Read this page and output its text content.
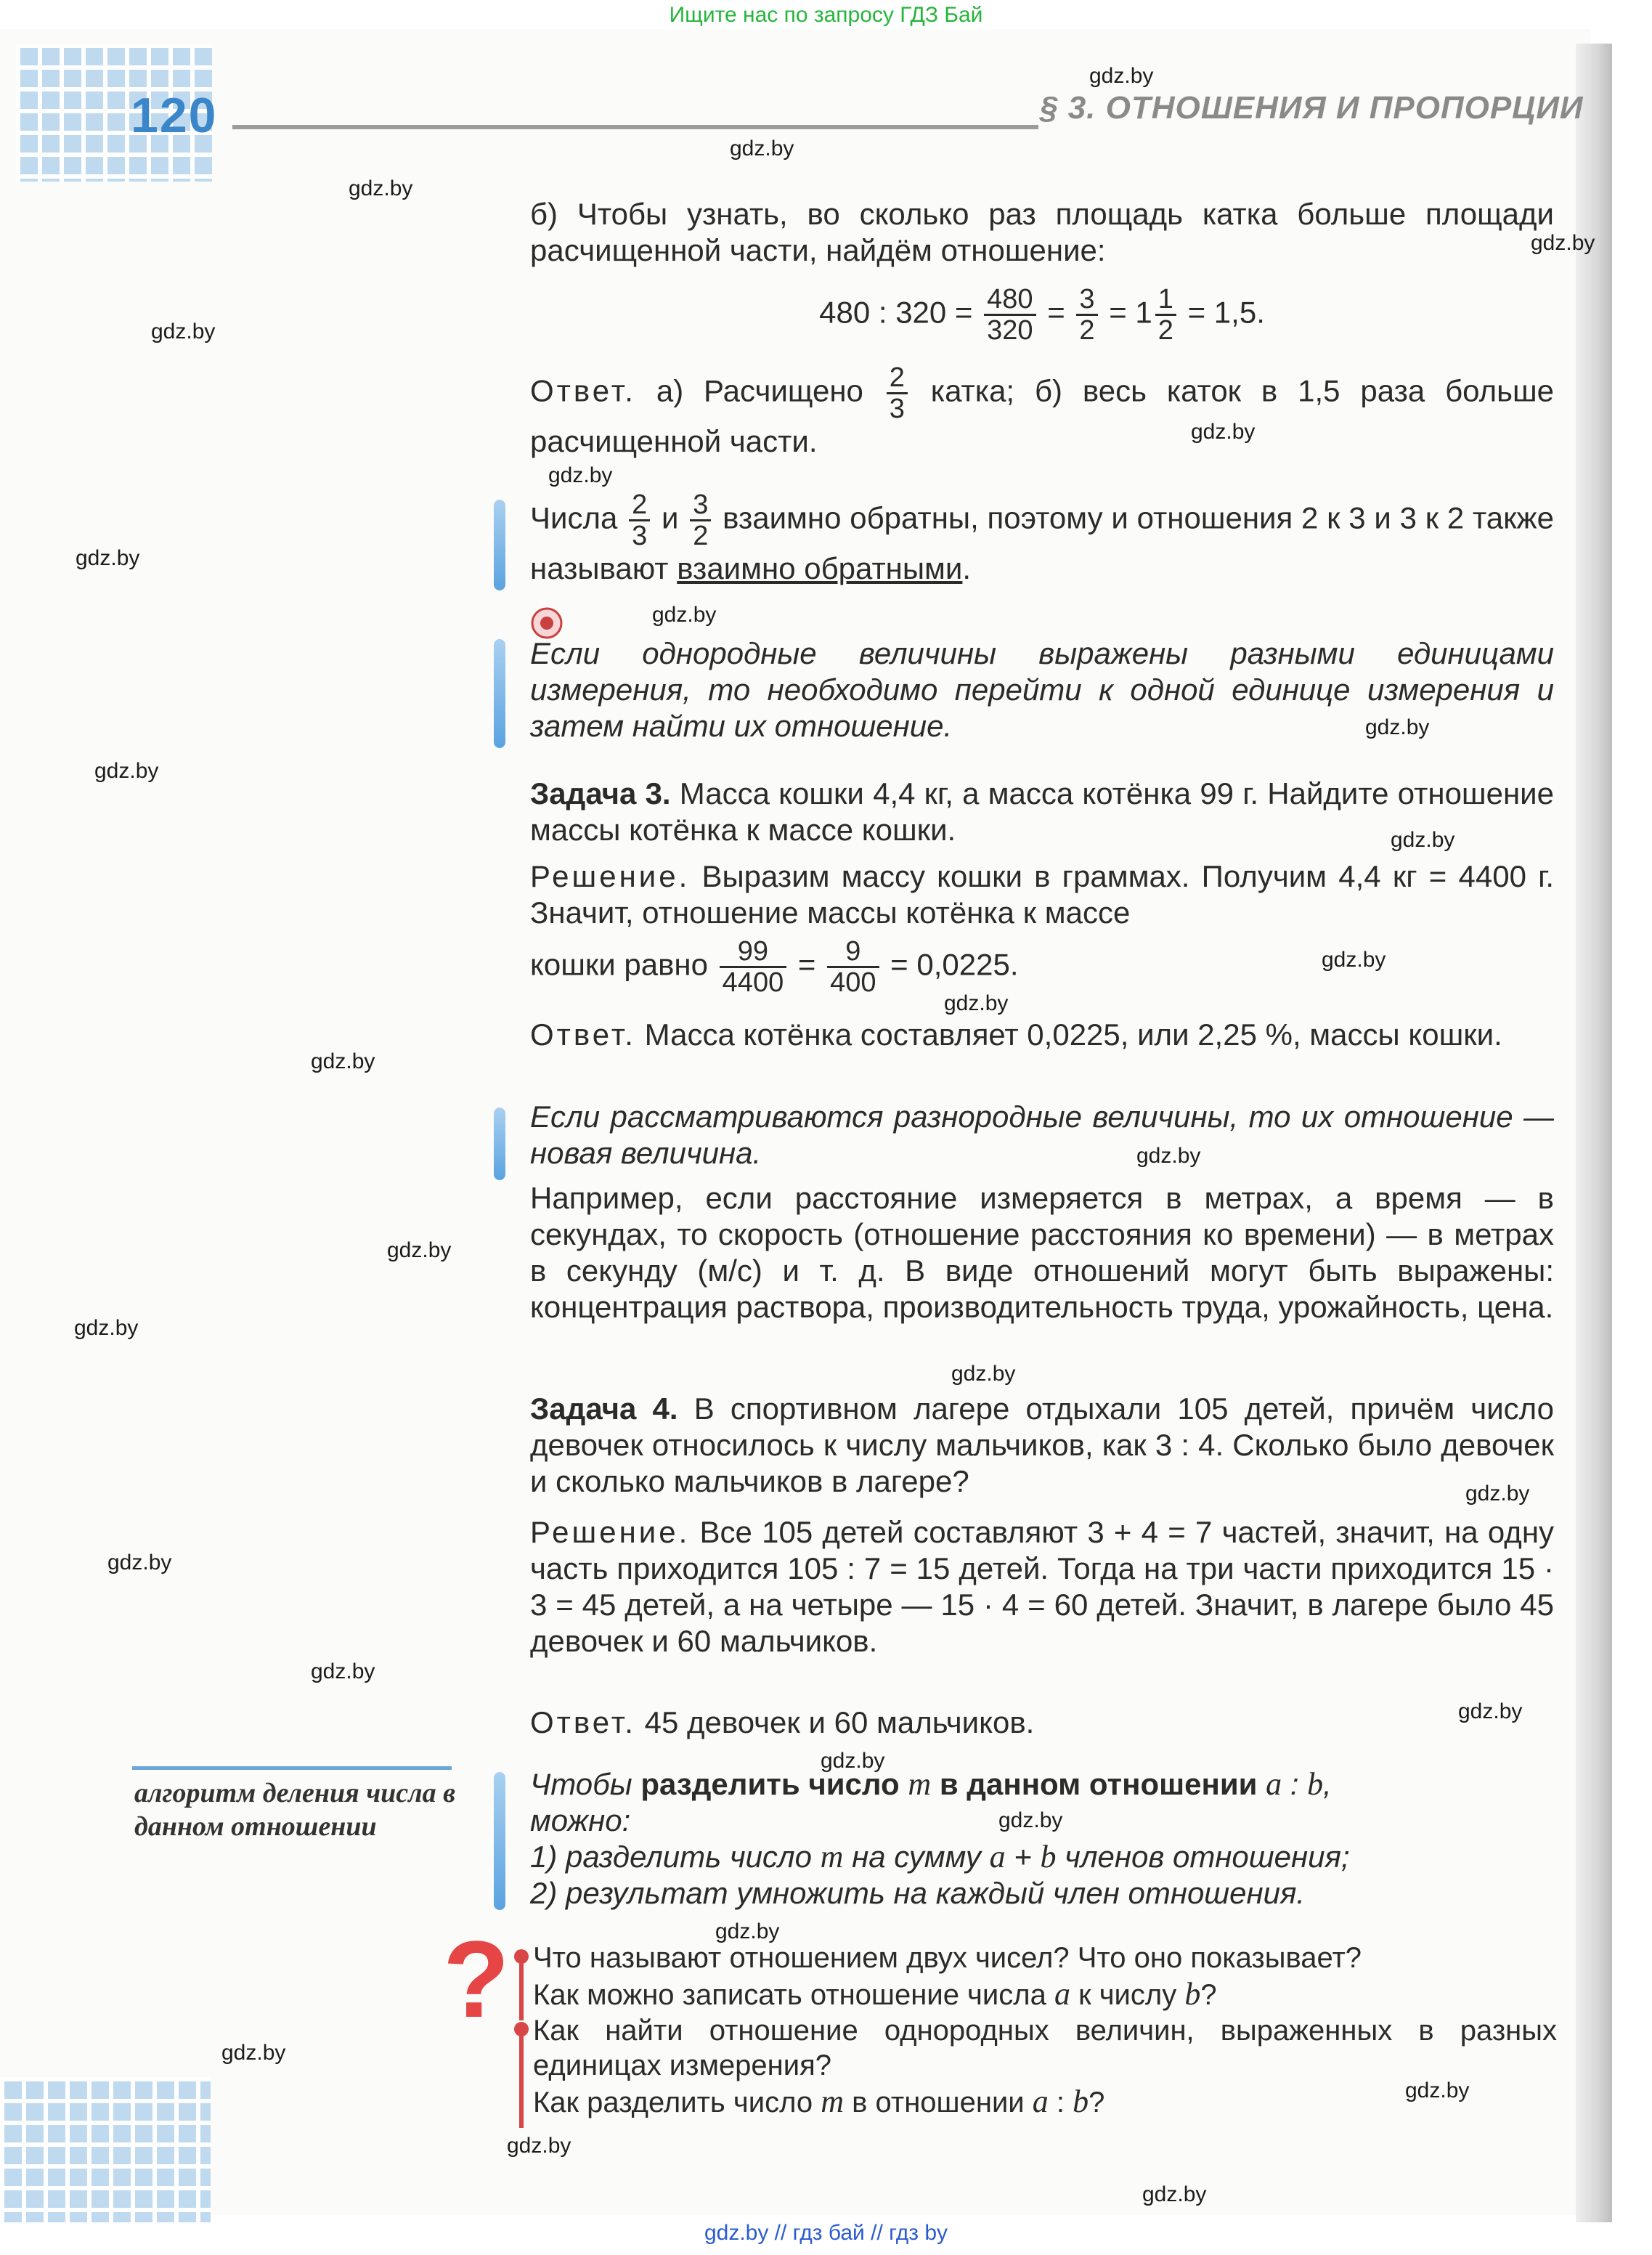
Ищите нас по запросу ГДЗ Бай
120	§ 3. ОТНОШЕНИЯ И ПРОПОРЦИИ
gdz.by
gdz.by
gdz.by
gdz.by
gdz.by
gdz.by
gdz.by
gdz.by
gdz.by
gdz.by
gdz.by
gdz.by
gdz.by
gdz.by
gdz.by
gdz.by
gdz.by
gdz.by
gdz.by
gdz.by
gdz.by
gdz.by
gdz.by
gdz.by
gdz.by
gdz.by
gdz.by
gdz.by
gdz.by
gdz.by
б) Чтобы узнать, во сколько раз площадь катка больше площади расчищенной части, найдём отношение:
480 : $320 = \frac{480}{320} = \frac{3}{2} = 1 \frac{1}{2} = 1,5$.
Ответ. а) Расчищено $\frac{2}{3}$ катка; б) весь каток в 1,5 раза больше расчищенной части.
Числа $\frac{2}{3}$ и $\frac{3}{2}$ взаимно обратны, поэтому и отношения 2 к 3 и 3 к 2 также называют взаимно обратными.
Если однородные величины выражены разными единицами измерения, то необходимо перейти к одной единице измерения и затем найти их отношение.
Задача 3. Масса кошки 4,4 кг, а масса котёнка 99 г. Найдите отношение массы котёнка к массе кошки.
Решение. Выразим массу кошки в граммах. Получим 4,4 кг = 4400 г. Значит, отношение массы котёнка к массе
кошки равно $\frac{99}{4400} = \frac{9}{400} = 0,0225$.
Ответ. Масса котёнка составляет 0,0225, или 2,25 %, массы кошки.
Если рассматриваются разнородные величины, то их отношение — новая величина.
Например, если расстояние измеряется в метрах, а время — в секундах, то скорость (отношение расстояния ко времени) — в метрах в секунду (м/с) и т. д. В виде отношений могут быть выражены: концентрация раствора, производительность труда, урожайность, цена.
Задача 4. В спортивном лагере отдыхали 105 детей, причём число девочек относилось к числу мальчиков, как 3 : 4. Сколько было девочек и сколько мальчиков в лагере?
Решение. Все 105 детей составляют 3 + 4 = 7 частей, значит, на одну часть приходится 105 : 7 = 15 детей. Тогда на три части приходится 15 · 3 = 45 детей, а на четыре — 15 · 4 = 60 детей. Значит, в лагере было 45 девочек и 60 мальчиков.
Ответ. 45 девочек и 60 мальчиков.
алгоритм деления числа в данном отношении
Чтобы разделить число m в данном отношении a : b,
можно:
1) разделить число m на сумму a + b членов отношения;
2) результат умножить на каждый член отношения.
? Что называют отношением двух чисел? Что оно показывает?
Как можно записать отношение числа a к числу b?
Как найти отношение однородных величин, выраженных в разных единицах измерения?
Как разделить число m в отношении a : b?
gdz.by // гдз бай // гдз by
